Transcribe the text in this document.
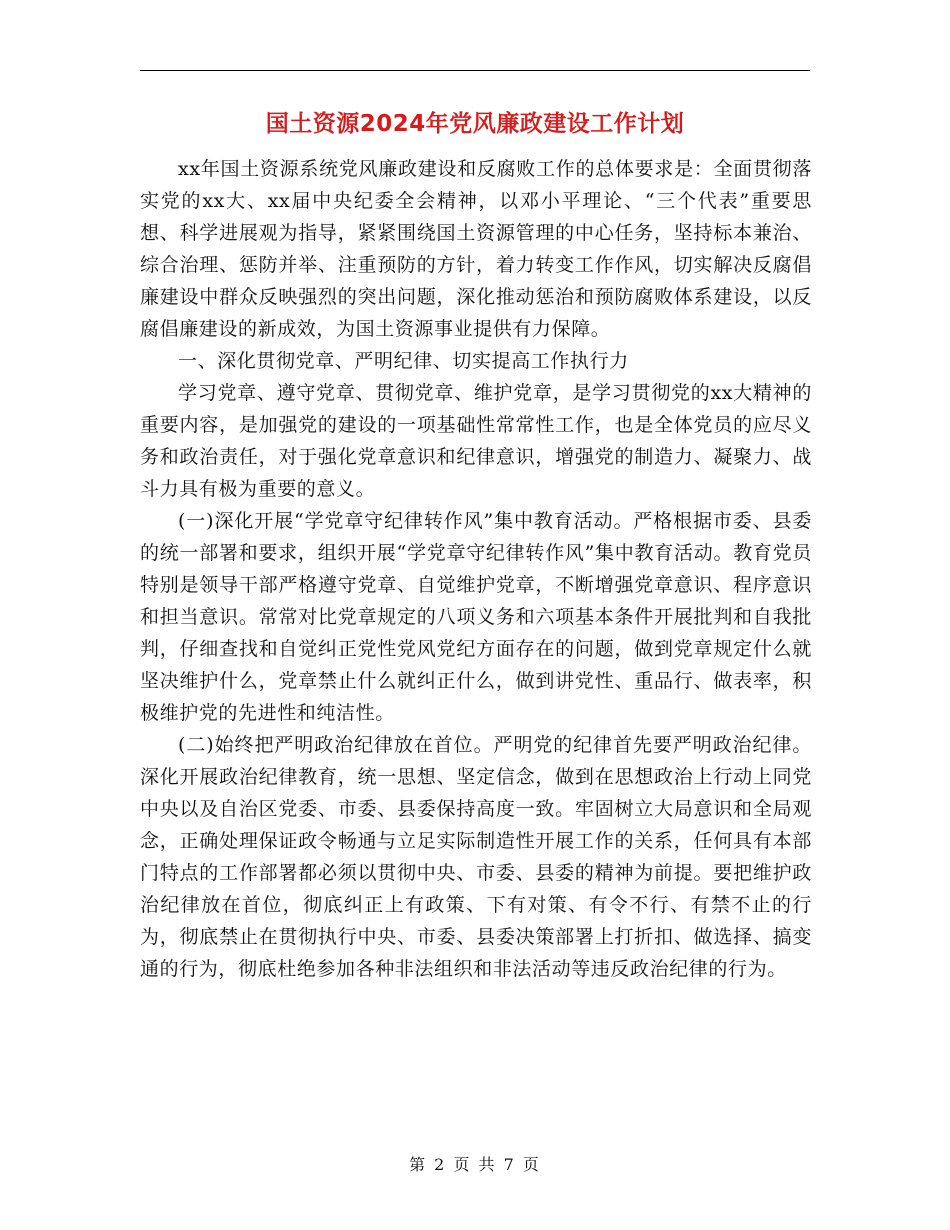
国土资源2024年党风廉政建设工作计划

xx年国土资源系统党风廉政建设和反腐败工作的总体要求是：全面贯彻落实党的xx大、xx届中央纪委全会精神，以邓小平理论、“三个代表”重要思想、科学进展观为指导，紧紧围绕国土资源管理的中心任务，坚持标本兼治、综合治理、惩防并举、注重预防的方针，着力转变工作作风，切实解决反腐倡廉建设中群众反映强烈的突出问题，深化推动惩治和预防腐败体系建设，以反腐倡廉建设的新成效，为国土资源事业提供有力保障。

一、深化贯彻党章、严明纪律、切实提高工作执行力

学习党章、遵守党章、贯彻党章、维护党章，是学习贯彻党的xx大精神的重要内容，是加强党的建设的一项基础性常常性工作，也是全体党员的应尽义务和政治责任，对于强化党章意识和纪律意识，增强党的制造力、凝聚力、战斗力具有极为重要的意义。

(一)深化开展“学党章守纪律转作风”集中教育活动。严格根据市委、县委的统一部署和要求，组织开展“学党章守纪律转作风”集中教育活动。教育党员特别是领导干部严格遵守党章、自觉维护党章，不断增强党章意识、程序意识和担当意识。常常对比党章规定的八项义务和六项基本条件开展批判和自我批判，仔细查找和自觉纠正党性党风党纪方面存在的问题，做到党章规定什么就坚决维护什么，党章禁止什么就纠正什么，做到讲党性、重品行、做表率，积极维护党的先进性和纯洁性。

(二)始终把严明政治纪律放在首位。严明党的纪律首先要严明政治纪律。深化开展政治纪律教育，统一思想、坚定信念，做到在思想政治上行动上同党中央以及自治区党委、市委、县委保持高度一致。牢固树立大局意识和全局观念，正确处理保证政令畅通与立足实际制造性开展工作的关系，任何具有本部门特点的工作部署都必须以贯彻中央、市委、县委的精神为前提。要把维护政治纪律放在首位，彻底纠正上有政策、下有对策、有令不行、有禁不止的行为，彻底禁止在贯彻执行中央、市委、县委决策部署上打折扣、做选择、搞变通的行为，彻底杜绝参加各种非法组织和非法活动等违反政治纪律的行为。

第 2 页 共 7 页
